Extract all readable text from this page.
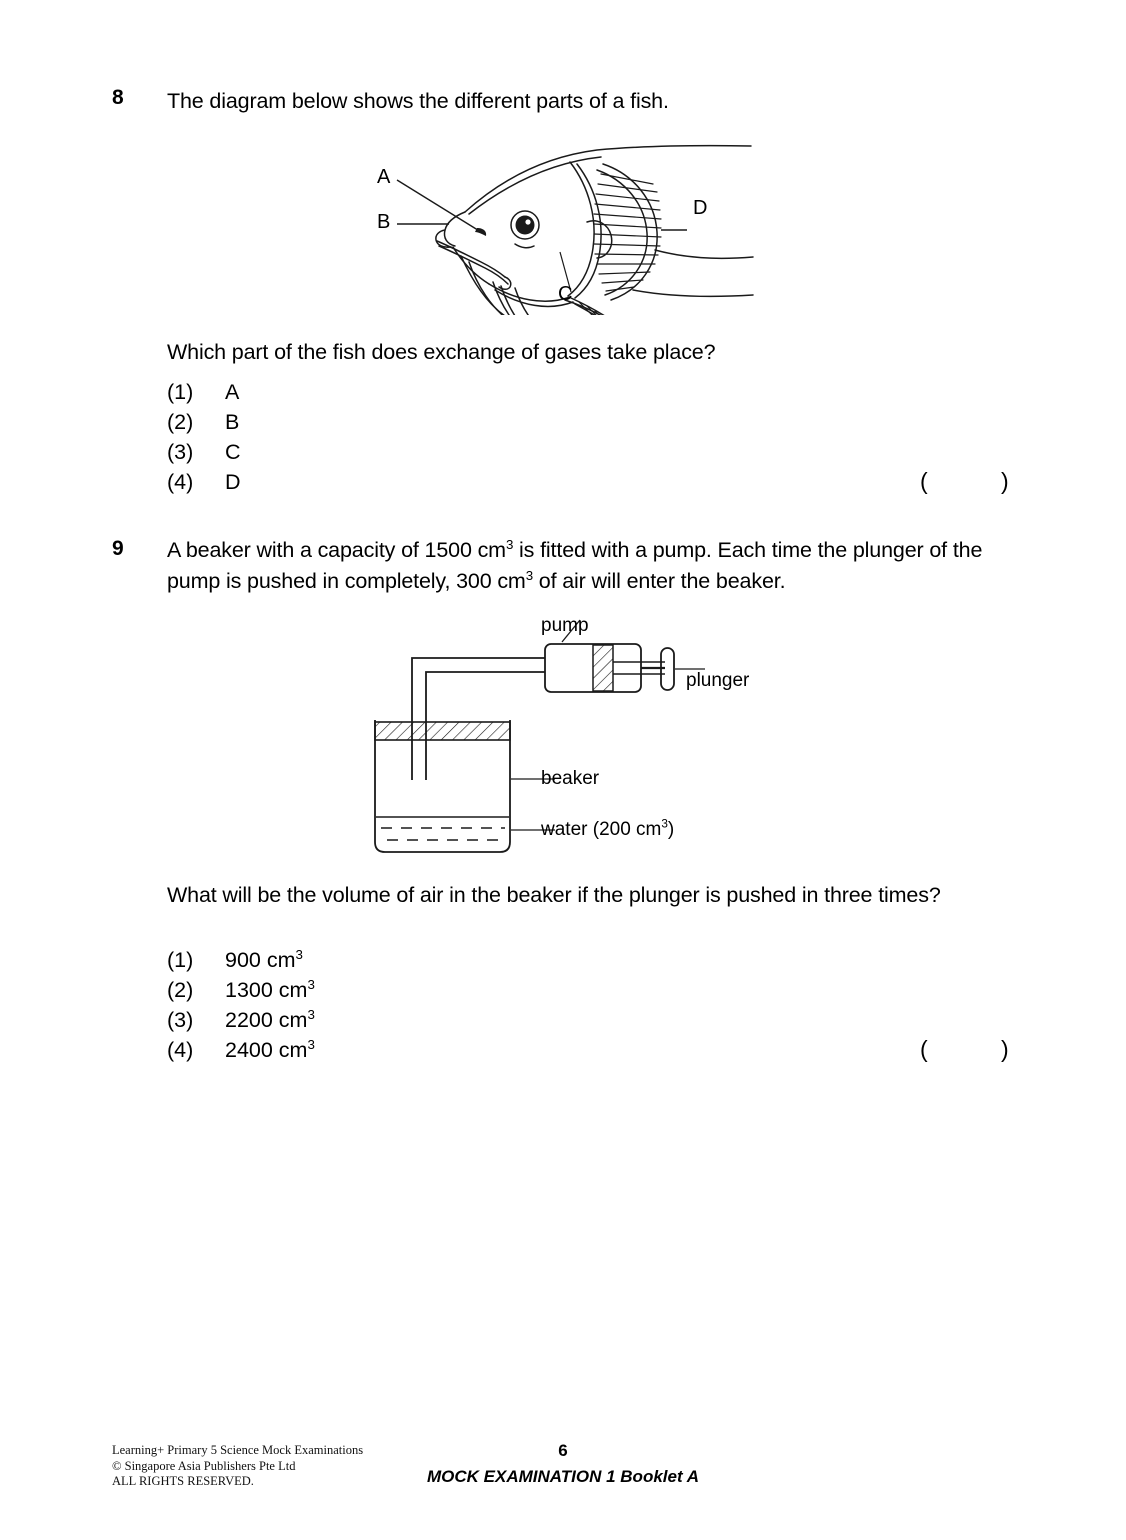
8 The diagram below shows the different parts of a fish.
A
B
C
D
Which part of the fish does exchange of gases take place?
(1) A
(2) B
(3) C
(4) D	(	)
9 A beaker with a capacity of 1500 $cm^3$ is fitted with a pump. Each time the plunger of the pump is pushed in completely, 300 $cm^3$ of air will enter the beaker.
pump
plunger
beaker
water (200 $cm^3$)
What will be the volume of air in the beaker if the plunger is pushed in three times?
(1) 900 $cm^3$
(2) 1300 $cm^3$
(3) 2200 $cm^3$
(4) 2400 $cm^3$	(	)
Learning+ Primary 5 Science Mock Examinations
© Singapore Asia Publishers Pte Ltd
ALL RIGHTS RESERVED.
6
MOCK EXAMINATION 1 Booklet A
